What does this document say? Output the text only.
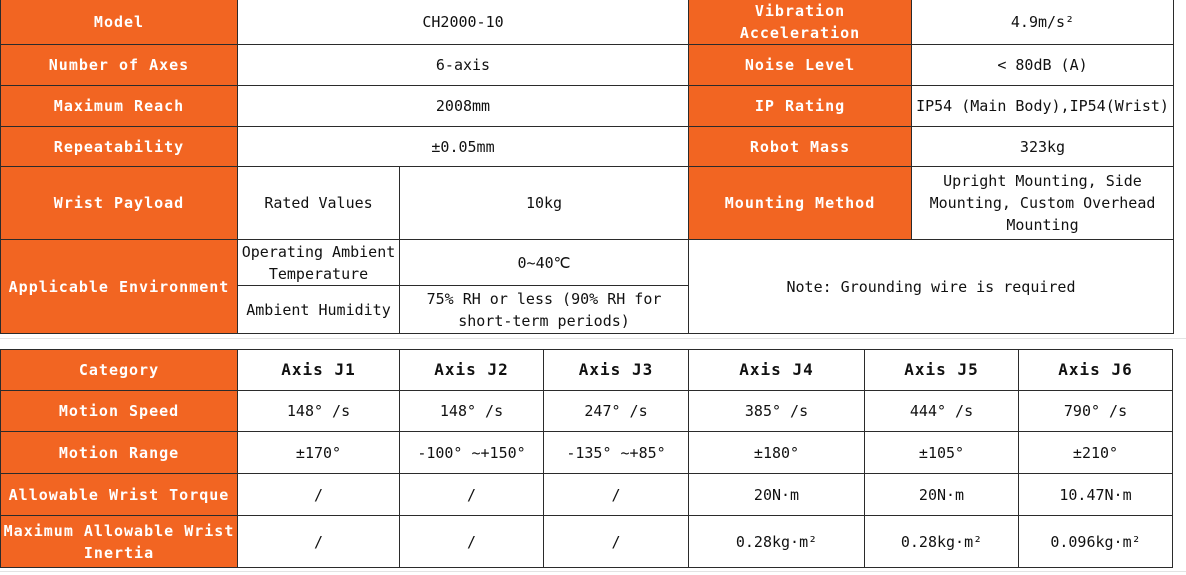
Model	CH2000-10		Vibration Acceleration	4.9m/s²
Number of Axes	6-axis		Noise Level	< 80dB (A)
Maximum Reach	2008mm		IP Rating	IP54 (Main Body),IP54(Wrist)
Repeatability	±0.05mm		Robot Mass	323kg
Wrist Payload	Rated Values	10kg	Mounting Method	Upright Mounting, Side Mounting, Custom Overhead Mounting
Applicable Environment	Operating Ambient Temperature	0~40℃	Note: Grounding wire is required	
	Ambient Humidity	75% RH or less (90% RH for short-term periods)		
Category	Axis J1	Axis J2	Axis J3	Axis J4	Axis J5	Axis J6
Motion Speed	148° /s	148° /s	247° /s	385° /s	444° /s	790° /s
Motion Range	±170°	-100° ~+150°	-135° ~+85°	±180°	±105°	±210°
Allowable Wrist Torque	/	/	/	20N·m	20N·m	10.47N·m
Maximum Allowable Wrist Inertia	/	/	/	0.28kg·m²	0.28kg·m²	0.096kg·m²
